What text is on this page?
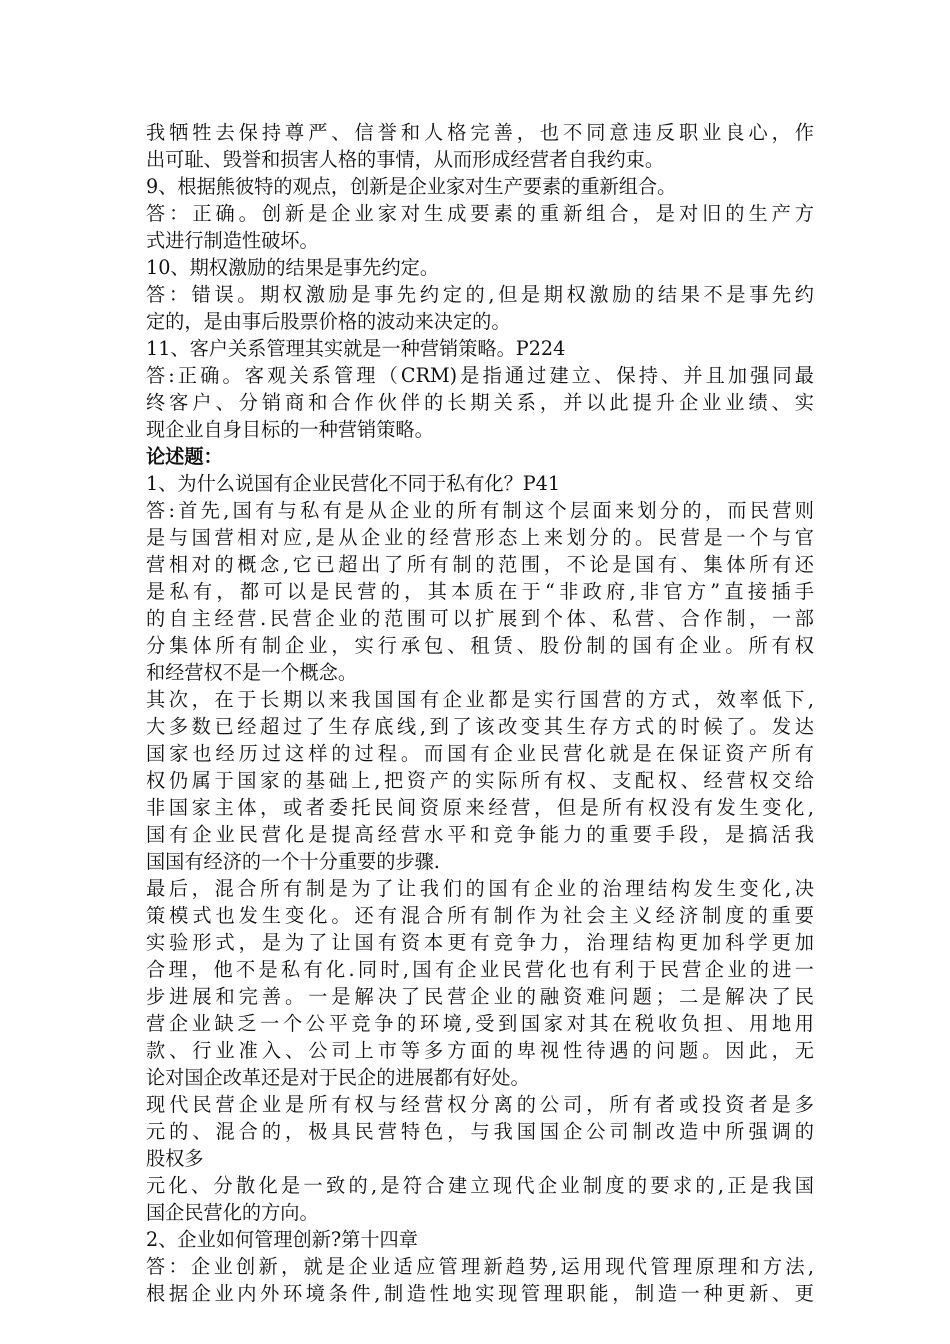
我牺牲去保持尊严、信誉和人格完善，也不同意违反职业良心，作
出可耻、毁誉和损害人格的事情，从而形成经营者自我约束。
9、根据熊彼特的观点，创新是企业家对生产要素的重新组合。
答：正确。创新是企业家对生成要素的重新组合，是对旧的生产方
式进行制造性破坏。
10、期权激励的结果是事先约定。
答：错误。期权激励是事先约定的,但是期权激励的结果不是事先约
定的，是由事后股票价格的波动来决定的。
11、客户关系管理其实就是一种营销策略。P224
答:正确。客观关系管理（CRM)是指通过建立、保持、并且加强同最
终客户、分销商和合作伙伴的长期关系，并以此提升企业业绩、实
现企业自身目标的一种营销策略。
论述题：
1、为什么说国有企业民营化不同于私有化？P41
答:首先,国有与私有是从企业的所有制这个层面来划分的，而民营则
是与国营相对应,是从企业的经营形态上来划分的。民营是一个与官
营相对的概念,它已超出了所有制的范围，不论是国有、集体所有还
是私有，都可以是民营的，其本质在于“非政府,非官方”直接插手
的自主经营.民营企业的范围可以扩展到个体、私营、合作制，一部
分集体所有制企业，实行承包、租赁、股份制的国有企业。所有权
和经营权不是一个概念。
其次，在于长期以来我国国有企业都是实行国营的方式，效率低下,
大多数已经超过了生存底线,到了该改变其生存方式的时候了。发达
国家也经历过这样的过程。而国有企业民营化就是在保证资产所有
权仍属于国家的基础上,把资产的实际所有权、支配权、经营权交给
非国家主体，或者委托民间资原来经营，但是所有权没有发生变化,
国有企业民营化是提高经营水平和竞争能力的重要手段，是搞活我
国国有经济的一个十分重要的步骤.
最后，混合所有制是为了让我们的国有企业的治理结构发生变化,决
策模式也发生变化。还有混合所有制作为社会主义经济制度的重要
实验形式，是为了让国有资本更有竞争力，治理结构更加科学更加
合理，他不是私有化.同时,国有企业民营化也有利于民营企业的进一
步进展和完善。一是解决了民营企业的融资难问题；二是解决了民
营企业缺乏一个公平竞争的环境,受到国家对其在税收负担、用地用
款、行业准入、公司上市等多方面的卑视性待遇的问题。因此，无
论对国企改革还是对于民企的进展都有好处。
现代民营企业是所有权与经营权分离的公司，所有者或投资者是多
元的、混合的，极具民营特色，与我国国企公司制改造中所强调的
股权多
元化、分散化是一致的,是符合建立现代企业制度的要求的,正是我国
国企民营化的方向。
2、企业如何管理创新?第十四章
答：企业创新，就是企业适应管理新趋势,运用现代管理原理和方法,
根据企业内外环境条件,制造性地实现管理职能，制造一种更新、更
